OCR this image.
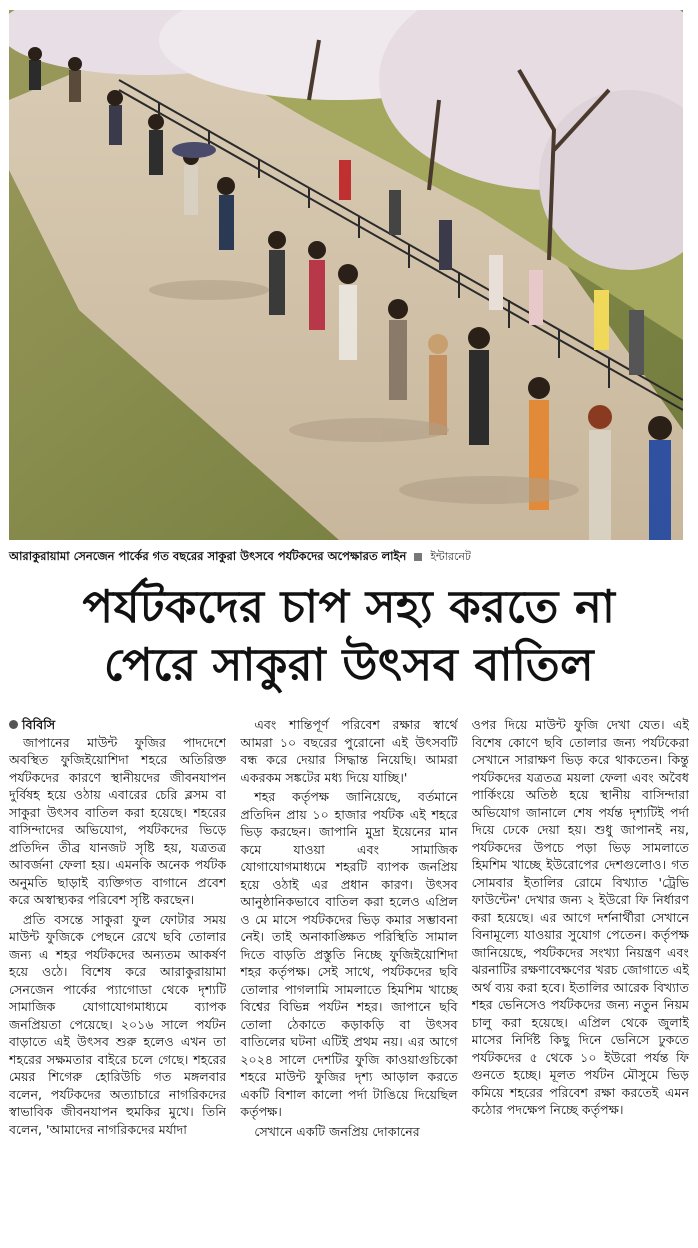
আরাকুরায়ামা সেনজেন পার্কের গত বছরের সাকুরা উৎসবে পর্যটকদের অপেক্ষারত লাইন ইন্টারনেট
পর্যটকদের চাপ সহ্য করতে না
পেরে সাকুরা উৎসব বাতিল
বিবিসি

জাপানের মাউন্ট ফুজির পাদদেশে অবস্থিত ফুজিইয়োশিদা শহরে অতিরিক্ত পর্যটকদের কারণে স্থানীয়দের জীবনযাপন দুর্বিষহ হয়ে ওঠায় এবারের চেরি ব্লসম বা সাকুরা উৎসব বাতিল করা হয়েছে। শহরের বাসিন্দাদের অভিযোগ, পর্যটকদের ভিড়ে প্রতিদিন তীব্র যানজট সৃষ্টি হয়, যত্রতত্র আবর্জনা ফেলা হয়। এমনকি অনেক পর্যটক অনুমতি ছাড়াই ব্যক্তিগত বাগানে প্রবেশ করে অস্বাস্থ্যকর পরিবেশ সৃষ্টি করছেন।

প্রতি বসন্তে সাকুরা ফুল ফোটার সময় মাউন্ট ফুজিকে পেছনে রেখে ছবি তোলার জন্য এ শহর পর্যটকদের অন্যতম আকর্ষণ হয়ে ওঠে। বিশেষ করে আরাকুরায়ামা সেনজেন পার্কের প্যাগোডা থেকে দৃশ্যটি সামাজিক যোগাযোগমাধ্যমে ব্যাপক জনপ্রিয়তা পেয়েছে। ২০১৬ সালে পর্যটন বাড়াতে এই উৎসব শুরু হলেও এখন তা শহরের সক্ষমতার বাইরে চলে গেছে। শহরের মেয়র শিগেরু হোরিউচি গত মঙ্গলবার বলেন, পর্যটকদের অত্যাচারে নাগরিকদের স্বাভাবিক জীবনযাপন হুমকির মুখে। তিনি বলেন, 'আমাদের নাগরিকদের মর্যাদা

এবং শান্তিপূর্ণ পরিবেশ রক্ষার স্বার্থে আমরা ১০ বছরের পুরোনো এই উৎসবটি বন্ধ করে দেয়ার সিদ্ধান্ত নিয়েছি। আমরা একরকম সঙ্কটের মধ্য দিয়ে যাচ্ছি।'

শহর কর্তৃপক্ষ জানিয়েছে, বর্তমানে প্রতিদিন প্রায় ১০ হাজার পর্যটক এই শহরে ভিড় করছেন। জাপানি মুদ্রা ইয়েনের মান কমে যাওয়া এবং সামাজিক যোগাযোগমাধ্যমে শহরটি ব্যাপক জনপ্রিয় হয়ে ওঠাই এর প্রধান কারণ। উৎসব আনুষ্ঠানিকভাবে বাতিল করা হলেও এপ্রিল ও মে মাসে পর্যটকদের ভিড় কমার সম্ভাবনা নেই। তাই অনাকাঙ্ক্ষিত পরিস্থিতি সামাল দিতে বাড়তি প্রস্তুতি নিচ্ছে ফুজিইয়োশিদা শহর কর্তৃপক্ষ। সেই সাথে, পর্যটকদের ছবি তোলার পাগলামি সামলাতে হিমশিম খাচ্ছে বিশ্বের বিভিন্ন পর্যটন শহর। জাপানে ছবি তোলা ঠেকাতে কড়াকড়ি বা উৎসব বাতিলের ঘটনা এটিই প্রথম নয়। এর আগে ২০২৪ সালে দেশটির ফুজি কাওয়াগুচিকো শহরে মাউন্ট ফুজির দৃশ্য আড়াল করতে একটি বিশাল কালো পর্দা টাঙিয়ে দিয়েছিল কর্তৃপক্ষ।

সেখানে একটি জনপ্রিয় দোকানের

ওপর দিয়ে মাউন্ট ফুজি দেখা যেত। এই বিশেষ কোণে ছবি তোলার জন্য পর্যটকেরা সেখানে সারাক্ষণ ভিড় করে থাকতেন। কিন্তু পর্যটকদের যত্রতত্র ময়লা ফেলা এবং অবৈধ পার্কিংয়ে অতিষ্ঠ হয়ে স্থানীয় বাসিন্দারা অভিযোগ জানালে শেষ পর্যন্ত দৃশ্যটিই পর্দা দিয়ে ঢেকে দেয়া হয়। শুধু জাপানই নয়, পর্যটকদের উপচে পড়া ভিড় সামলাতে হিমশিম খাচ্ছে ইউরোপের দেশগুলোও। গত সোমবার ইতালির রোমে বিখ্যাত 'ট্রেভি ফাউন্টেন' দেখার জন্য ২ ইউরো ফি নির্ধারণ করা হয়েছে। এর আগে দর্শনার্থীরা সেখানে বিনামূল্যে যাওয়ার সুযোগ পেতেন। কর্তৃপক্ষ জানিয়েছে, পর্যটকদের সংখ্যা নিয়ন্ত্রণ এবং ঝরনাটির রক্ষণাবেক্ষণের খরচ জোগাতে এই অর্থ ব্যয় করা হবে। ইতালির আরেক বিখ্যাত শহর ভেনিসেও পর্যটকদের জন্য নতুন নিয়ম চালু করা হয়েছে। এপ্রিল থেকে জুলাই মাসের নির্দিষ্ট কিছু দিনে ভেনিসে ঢুকতে পর্যটকদের ৫ থেকে ১০ ইউরো পর্যন্ত ফি গুনতে হচ্ছে। মূলত পর্যটন মৌসুমে ভিড় কমিয়ে শহরের পরিবেশ রক্ষা করতেই এমন কঠোর পদক্ষেপ নিচ্ছে কর্তৃপক্ষ।
